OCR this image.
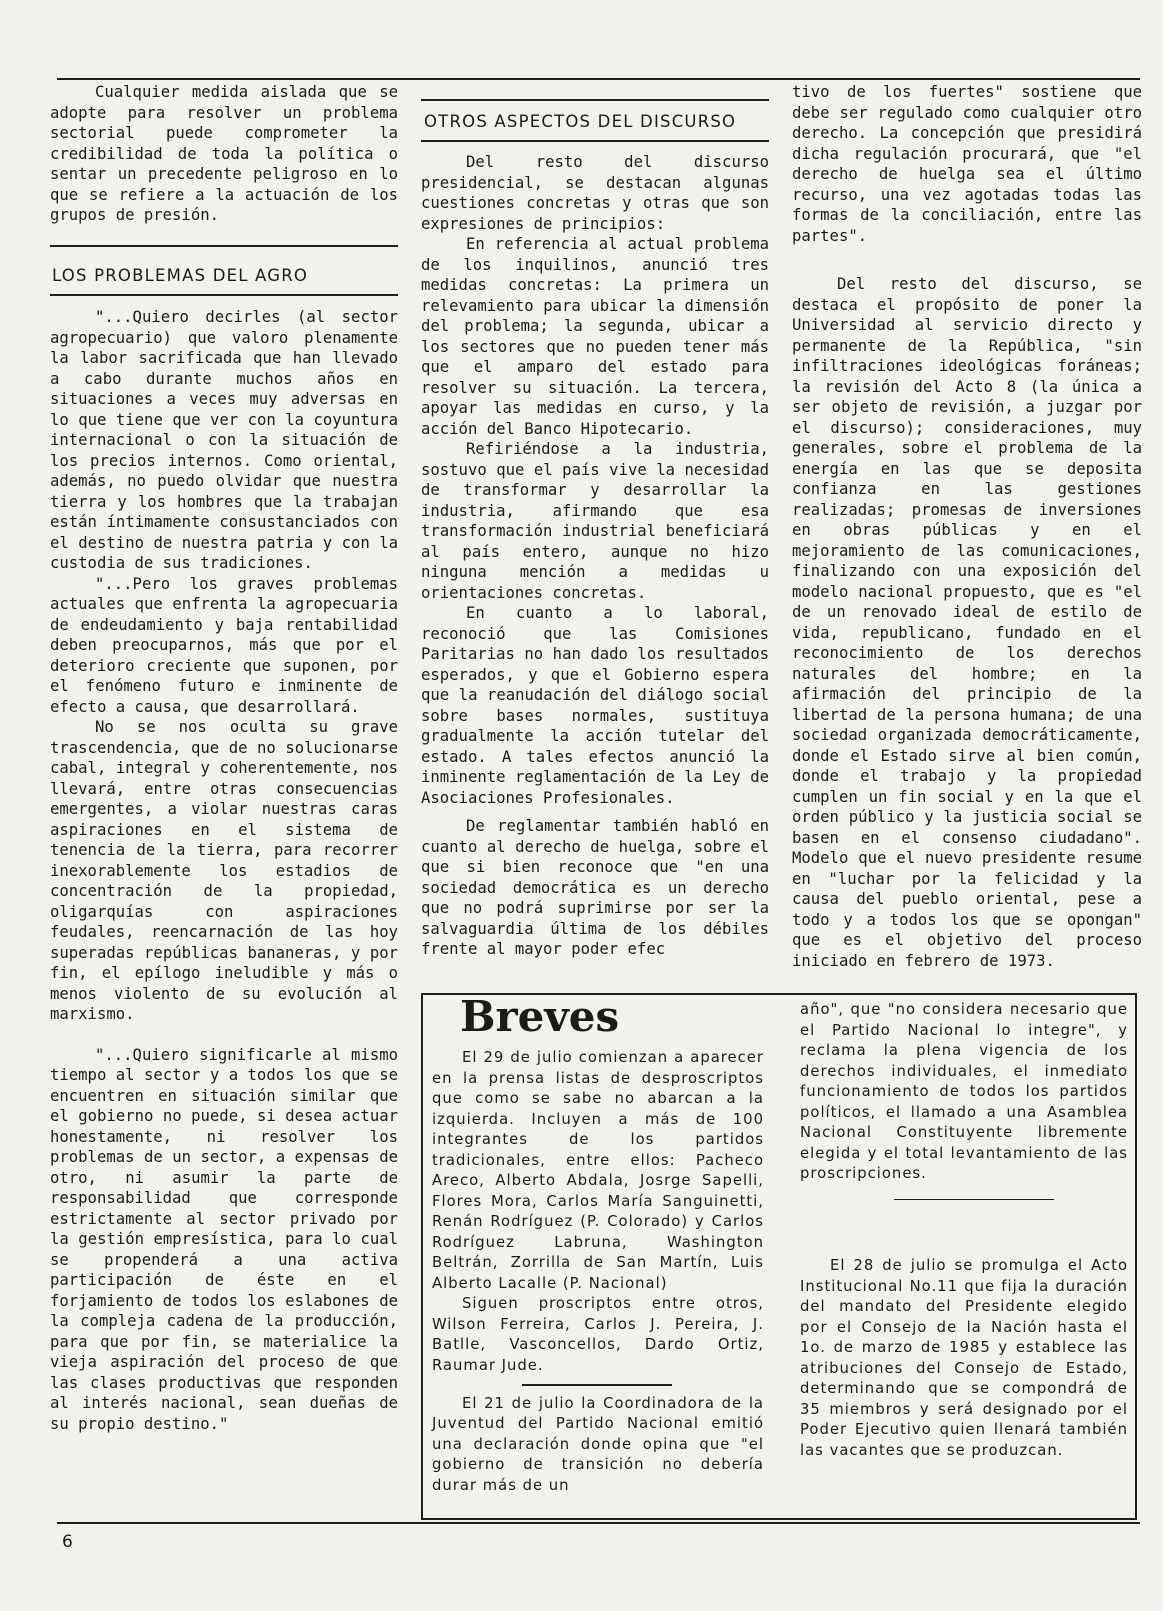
Cualquier medida aislada que se adopte para resolver un problema sectorial puede comprometer la credibilidad de toda la política o sentar un precedente peligroso en lo que se refiere a la actuación de los grupos de presión.

LOS PROBLEMAS DEL AGRO

"...Quiero decirles (al sector agropecuario) que valoro plenamente la labor sacrificada que han llevado a cabo durante muchos años en situaciones a veces muy adversas en lo que tiene que ver con la coyuntura internacional o con la situación de los precios internos. Como oriental, además, no puedo olvidar que nuestra tierra y los hombres que la trabajan están íntimamente consustanciados con el destino de nuestra patria y con la custodia de sus tradiciones.

"...Pero los graves problemas actuales que enfrenta la agropecuaria de endeudamiento y baja rentabilidad deben preocuparnos, más que por el deterioro creciente que suponen, por el fenómeno futuro e inminente de efecto a causa, que desarrollará.

No se nos oculta su grave trascendencia, que de no solucionarse cabal, integral y coherentemente, nos llevará, entre otras consecuencias emergentes, a violar nuestras caras aspiraciones en el sistema de tenencia de la tierra, para recorrer inexorablemente los estadios de concentración de la propiedad, oligarquías con aspiraciones feudales, reencarnación de las hoy superadas repúblicas bananeras, y por fin, el epílogo ineludible y más o menos violento de su evolución al marxismo.

"...Quiero significarle al mismo tiempo al sector y a todos los que se encuentren en situación similar que el gobierno no puede, si desea actuar honestamente, ni resolver los problemas de un sector, a expensas de otro, ni asumir la parte de responsabilidad que corresponde estrictamente al sector privado por la gestión empresística, para lo cual se propenderá a una activa participación de éste en el forjamiento de todos los eslabones de la compleja cadena de la producción, para que por fin, se materialice la vieja aspiración del proceso de que las clases productivas que responden al interés nacional, sean dueñas de su propio destino."

OTROS ASPECTOS DEL DISCURSO

Del resto del discurso presidencial, se destacan algunas cuestiones concretas y otras que son expresiones de principios:

En referencia al actual problema de los inquilinos, anunció tres medidas concretas: La primera un relevamiento para ubicar la dimensión del problema; la segunda, ubicar a los sectores que no pueden tener más que el amparo del estado para resolver su situación. La tercera, apoyar las medidas en curso, y la acción del Banco Hipotecario.

Refiriéndose a la industria, sostuvo que el país vive la necesidad de transformar y desarrollar la industria, afirmando que esa transformación industrial beneficiará al país entero, aunque no hizo ninguna mención a medidas u orientaciones concretas.

En cuanto a lo laboral, reconoció que las Comisiones Paritarias no han dado los resultados esperados, y que el Gobierno espera que la reanudación del diálogo social sobre bases normales, sustituya gradualmente la acción tutelar del estado. A tales efectos anunció la inminente reglamentación de la Ley de Asociaciones Profesionales.

De reglamentar también habló en cuanto al derecho de huelga, sobre el que si bien reconoce que "en una sociedad democrática es un derecho que no podrá suprimirse por ser la salvaguardia última de los débiles frente al mayor poder efec

tivo de los fuertes" sostiene que debe ser regulado como cualquier otro derecho. La concepción que presidirá dicha regulación procurará, que "el derecho de huelga sea el último recurso, una vez agotadas todas las formas de la conciliación, entre las partes".

Del resto del discurso, se destaca el propósito de poner la Universidad al servicio directo y permanente de la República, "sin infiltraciones ideológicas foráneas; la revisión del Acto 8 (la única a ser objeto de revisión, a juzgar por el discurso); consideraciones, muy generales, sobre el problema de la energía en las que se deposita confianza en las gestiones realizadas; promesas de inversiones en obras públicas y en el mejoramiento de las comunicaciones, finalizando con una exposición del modelo nacional propuesto, que es "el de un renovado ideal de estilo de vida, republicano, fundado en el reconocimiento de los derechos naturales del hombre; en la afirmación del principio de la libertad de la persona humana; de una sociedad organizada democráticamente, donde el Estado sirve al bien común, donde el trabajo y la propiedad cumplen un fin social y en la que el orden público y la justicia social se basen en el consenso ciudadano". Modelo que el nuevo presidente resume en "luchar por la felicidad y la causa del pueblo oriental, pese a todo y a todos los que se opongan" que es el objetivo del proceso iniciado en febrero de 1973.

Breves

El 29 de julio comienzan a aparecer en la prensa listas de desproscriptos que como se sabe no abarcan a la izquierda. Incluyen a más de 100 integrantes de los partidos tradicionales, entre ellos: Pacheco Areco, Alberto Abdala, Josrge Sapelli, Flores Mora, Carlos María Sanguinetti, Renán Rodríguez (P. Colorado) y Carlos Rodríguez Labruna, Washington Beltrán, Zorrilla de San Martín, Luis Alberto Lacalle (P. Nacional)

Siguen proscriptos entre otros, Wilson Ferreira, Carlos J. Pereira, J. Batlle, Vasconcellos, Dardo Ortiz, Raumar Jude.

El 21 de julio la Coordinadora de la Juventud del Partido Nacional emitió una declaración donde opina que "el gobierno de transición no debería durar más de un

año", que "no considera necesario que el Partido Nacional lo integre", y reclama la plena vigencia de los derechos individuales, el inmediato funcionamiento de todos los partidos políticos, el llamado a una Asamblea Nacional Constituyente libremente elegida y el total levantamiento de las proscripciones.

El 28 de julio se promulga el Acto Institucional No.11 que fija la duración del mandato del Presidente elegido por el Consejo de la Nación hasta el 1o. de marzo de 1985 y establece las atribuciones del Consejo de Estado, determinando que se compondrá de 35 miembros y será designado por el Poder Ejecutivo quien llenará también las vacantes que se produzcan.

6
